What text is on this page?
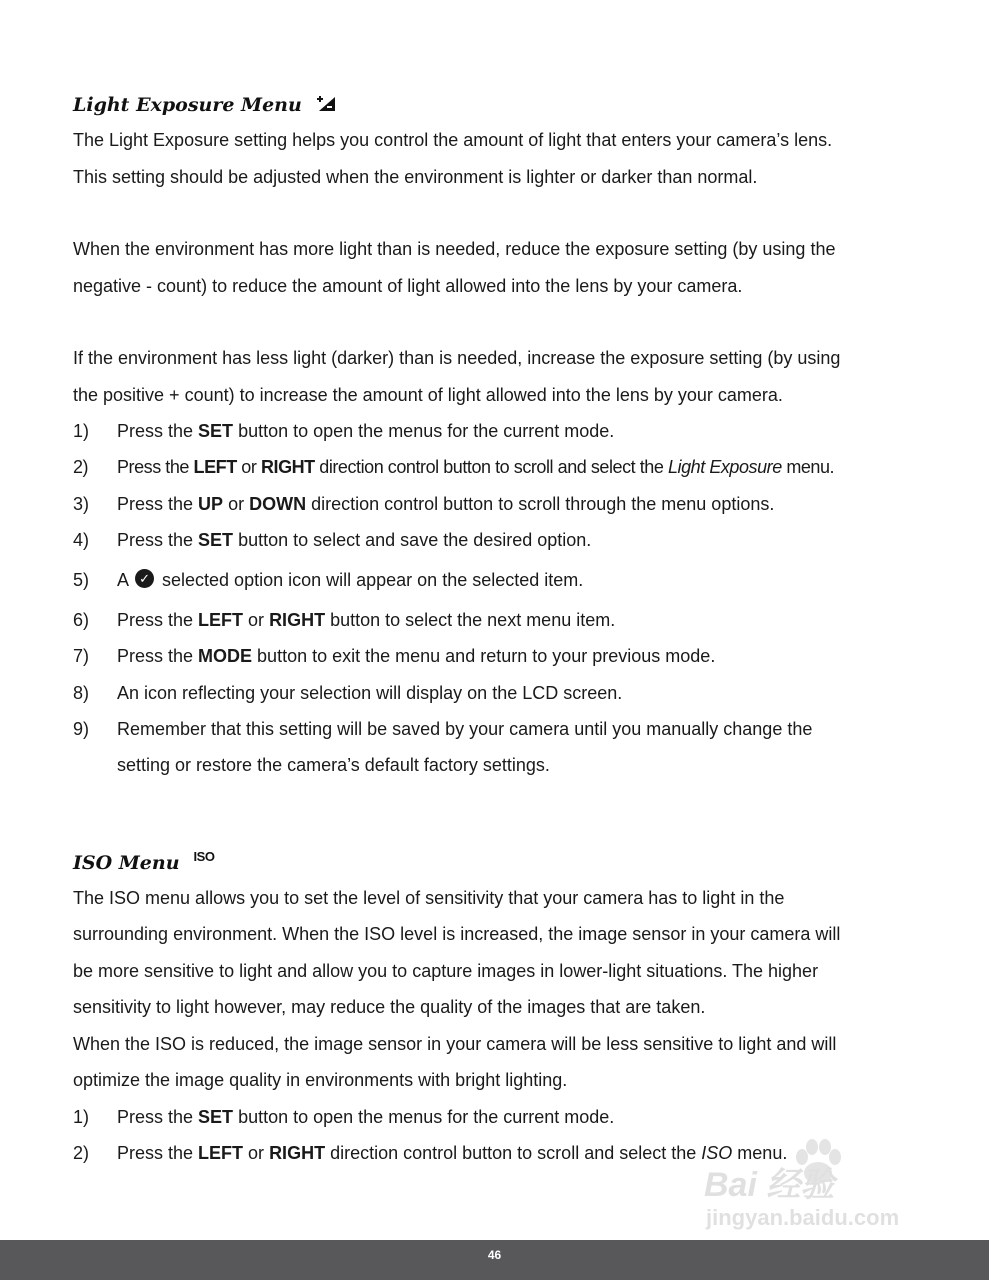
Light Exposure Menu

The Light Exposure setting helps you control the amount of light that enters your camera’s lens.
This setting should be adjusted when the environment is lighter or darker than normal.

When the environment has more light than is needed, reduce the exposure setting (by using the
negative - count) to reduce the amount of light allowed into the lens by your camera.

If the environment has less light (darker) than is needed, increase the exposure setting (by using
the positive + count) to increase the amount of light allowed into the lens by your camera.

1)	Press the SET button to open the menus for the current mode.
2)	Press the LEFT or RIGHT direction control button to scroll and select the Light Exposure menu.
3)	Press the UP or DOWN direction control button to scroll through the menu options.
4)	Press the SET button to select and save the desired option.
5)	A ✓ selected option icon will appear on the selected item.
6)	Press the LEFT or RIGHT button to select the next menu item.
7)	Press the MODE button to exit the menu and return to your previous mode.
8)	An icon reflecting your selection will display on the LCD screen.
9)	Remember that this setting will be saved by your camera until you manually change the
setting or restore the camera’s default factory settings.
ISO Menu ISO

The ISO menu allows you to set the level of sensitivity that your camera has to light in the
surrounding environment. When the ISO level is increased, the image sensor in your camera will
be more sensitive to light and allow you to capture images in lower-light situations. The higher
sensitivity to light however, may reduce the quality of the images that are taken.

When the ISO is reduced, the image sensor in your camera will be less sensitive to light and will
optimize the image quality in environments with bright lighting.

1)	Press the SET button to open the menus for the current mode.
2)	Press the LEFT or RIGHT direction control button to scroll and select the ISO menu.
Bai 经验
jingyan.baidu.com
46
